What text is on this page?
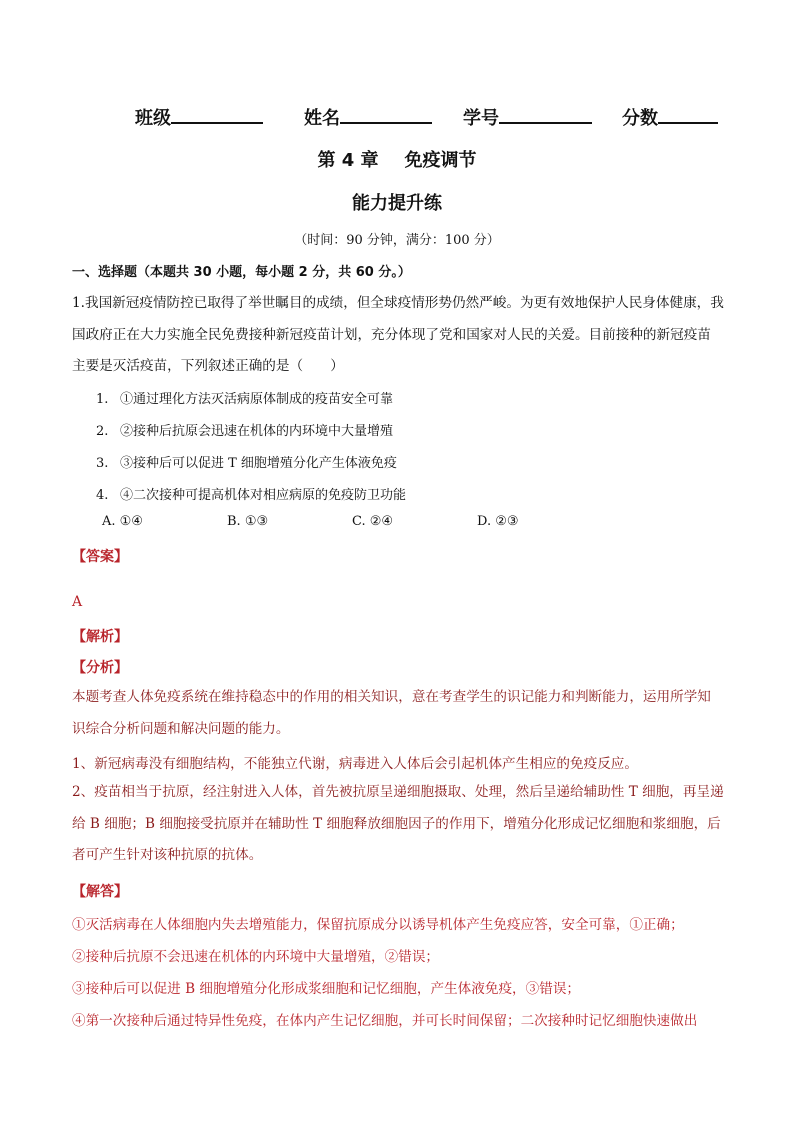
班级	姓名	学号	分数
第 4 章 免疫调节
能力提升练
（时间：90 分钟，满分：100 分）
一、选择题（本题共 30 小题，每小题 2 分，共 60 分。）
1.我国新冠疫情防控已取得了举世瞩目的成绩，但全球疫情形势仍然严峻。为更有效地保护人民身体健康，我国政府正在大力实施全民免费接种新冠疫苗计划，充分体现了党和国家对人民的关爱。目前接种的新冠疫苗主要是灭活疫苗，下列叙述正确的是（　　）
1. ①通过理化方法灭活病原体制成的疫苗安全可靠
2. ②接种后抗原会迅速在机体的内环境中大量增殖
3. ③接种后可以促进 T 细胞增殖分化产生体液免疫
4. ④二次接种可提高机体对相应病原的免疫防卫功能
A. ①④	B. ①③	C. ②④	D. ②③
【答案】
A
【解析】
【分析】
本题考查人体免疫系统在维持稳态中的作用的相关知识，意在考查学生的识记能力和判断能力，运用所学知识综合分析问题和解决问题的能力。
1、新冠病毒没有细胞结构，不能独立代谢，病毒进入人体后会引起机体产生相应的免疫反应。
2、疫苗相当于抗原，经注射进入人体，首先被抗原呈递细胞摄取、处理，然后呈递给辅助性 T 细胞，再呈递给 B 细胞；B 细胞接受抗原并在辅助性 T 细胞释放细胞因子的作用下，增殖分化形成记忆细胞和浆细胞，后者可产生针对该种抗原的抗体。
【解答】
①灭活病毒在人体细胞内失去增殖能力，保留抗原成分以诱导机体产生免疫应答，安全可靠，①正确；
②接种后抗原不会迅速在机体的内环境中大量增殖，②错误；
③接种后可以促进 B 细胞增殖分化形成浆细胞和记忆细胞，产生体液免疫，③错误；
④第一次接种后通过特异性免疫，在体内产生记忆细胞，并可长时间保留；二次接种时记忆细胞快速做出
